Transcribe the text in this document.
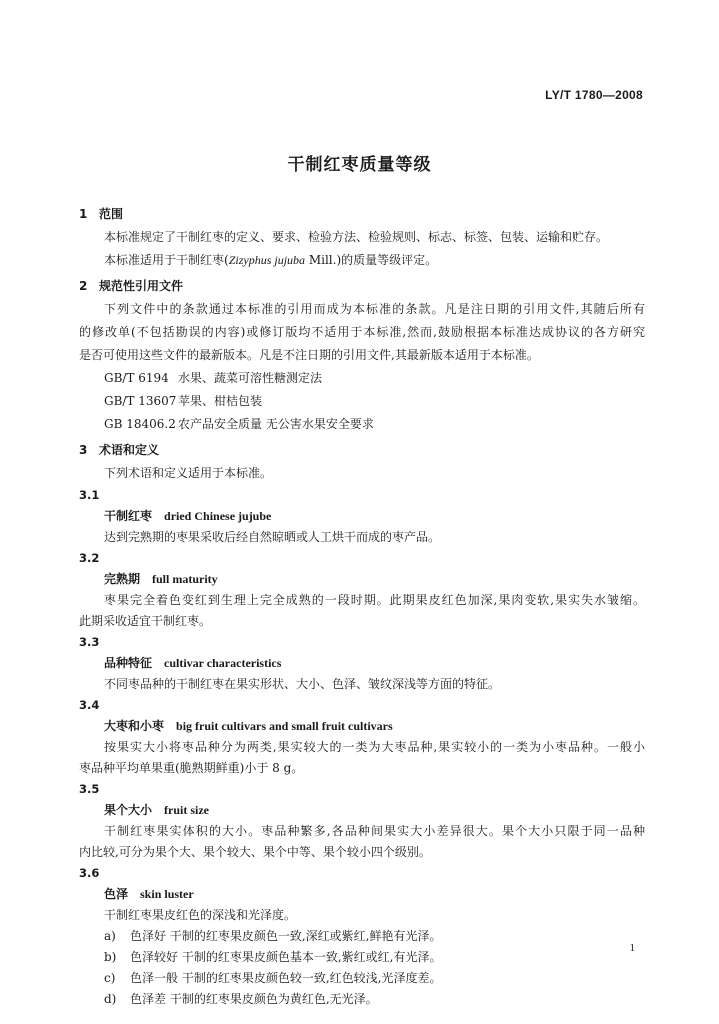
LY/T 1780—2008
干制红枣质量等级
1 范围
本标准规定了干制红枣的定义、要求、检验方法、检验规则、标志、标签、包装、运输和贮存。
本标准适用于干制红枣(Zizyphus jujuba Mill.)的质量等级评定。
2 规范性引用文件
下列文件中的条款通过本标准的引用而成为本标准的条款。凡是注日期的引用文件,其随后所有
的修改单(不包括勘误的内容)或修订版均不适用于本标准,然而,鼓励根据本标准达成协议的各方研究
是否可使用这些文件的最新版本。凡是不注日期的引用文件,其最新版本适用于本标准。
GB/T 6194 水果、蔬菜可溶性糖测定法
GB/T 13607 苹果、柑桔包装
GB 18406.2 农产品安全质量 无公害水果安全要求
3 术语和定义
下列术语和定义适用于本标准。
3.1
干制红枣 dried Chinese jujube
达到完熟期的枣果采收后经自然晾晒或人工烘干而成的枣产品。
3.2
完熟期 full maturity
枣果完全着色变红到生理上完全成熟的一段时期。此期果皮红色加深,果肉变软,果实失水皱缩。
此期采收适宜干制红枣。
3.3
品种特征 cultivar characteristics
不同枣品种的干制红枣在果实形状、大小、色泽、皱纹深浅等方面的特征。
3.4
大枣和小枣 big fruit cultivars and small fruit cultivars
按果实大小将枣品种分为两类,果实较大的一类为大枣品种,果实较小的一类为小枣品种。一般小
枣品种平均单果重(脆熟期鲜重)小于 8 g。
3.5
果个大小 fruit size
干制红枣果实体积的大小。枣品种繁多,各品种间果实大小差异很大。果个大小只限于同一品种
内比较,可分为果个大、果个较大、果个中等、果个较小四个级别。
3.6
色泽 skin luster
干制红枣果皮红色的深浅和光泽度。
a) 色泽好 干制的红枣果皮颜色一致,深红或紫红,鲜艳有光泽。
b) 色泽较好 干制的红枣果皮颜色基本一致,紫红或红,有光泽。
c) 色泽一般 干制的红枣果皮颜色较一致,红色较浅,光泽度差。
d) 色泽差 干制的红枣果皮颜色为黄红色,无光泽。
1
